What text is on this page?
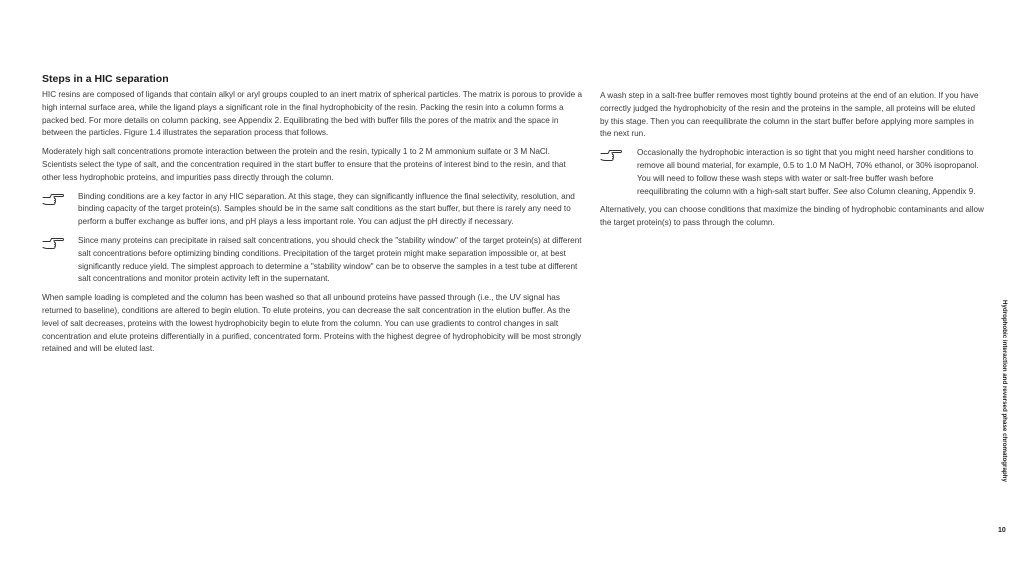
Steps in a HIC separation

HIC resins are composed of ligands that contain alkyl or aryl groups coupled to an inert matrix of spherical particles. The matrix is porous to provide a high internal surface area, while the ligand plays a significant role in the final hydrophobicity of the resin. Packing the resin into a column forms a packed bed. For more details on column packing, see Appendix 2. Equilibrating the bed with buffer fills the pores of the matrix and the space in between the particles. Figure 1.4 illustrates the separation process that follows.

Moderately high salt concentrations promote interaction between the protein and the resin, typically 1 to 2 M ammonium sulfate or 3 M NaCl. Scientists select the type of salt, and the concentration required in the start buffer to ensure that the proteins of interest bind to the resin, and that other less hydrophobic proteins, and impurities pass directly through the column.

Binding conditions are a key factor in any HIC separation. At this stage, they can significantly influence the final selectivity, resolution, and binding capacity of the target protein(s). Samples should be in the same salt conditions as the start buffer, but there is rarely any need to perform a buffer exchange as buffer ions, and pH plays a less important role. You can adjust the pH directly if necessary.

Since many proteins can precipitate in raised salt concentrations, you should check the "stability window" of the target protein(s) at different salt concentrations before optimizing binding conditions. Precipitation of the target protein might make separation impossible or, at best significantly reduce yield. The simplest approach to determine a "stability window" can be to observe the samples in a test tube at different salt concentrations and monitor protein activity left in the supernatant.

When sample loading is completed and the column has been washed so that all unbound proteins have passed through (i.e., the UV signal has returned to baseline), conditions are altered to begin elution. To elute proteins, you can decrease the salt concentration in the elution buffer. As the level of salt decreases, proteins with the lowest hydrophobicity begin to elute from the column. You can use gradients to control changes in salt concentration and elute proteins differentially in a purified, concentrated form. Proteins with the highest degree of hydrophobicity will be most strongly retained and will be eluted last.

A wash step in a salt-free buffer removes most tightly bound proteins at the end of an elution. If you have correctly judged the hydrophobicity of the resin and the proteins in the sample, all proteins will be eluted by this stage. Then you can reequilibrate the column in the start buffer before applying more samples in the next run.

Occasionally the hydrophobic interaction is so tight that you might need harsher conditions to remove all bound material, for example, 0.5 to 1.0 M NaOH, 70% ethanol, or 30% isopropanol. You will need to follow these wash steps with water or salt-free buffer wash before reequilibrating the column with a high-salt start buffer. See also Column cleaning, Appendix 9.

Alternatively, you can choose conditions that maximize the binding of hydrophobic contaminants and allow the target protein(s) to pass through the column.

Hydrophobic interaction and reversed phase chromatography
10
